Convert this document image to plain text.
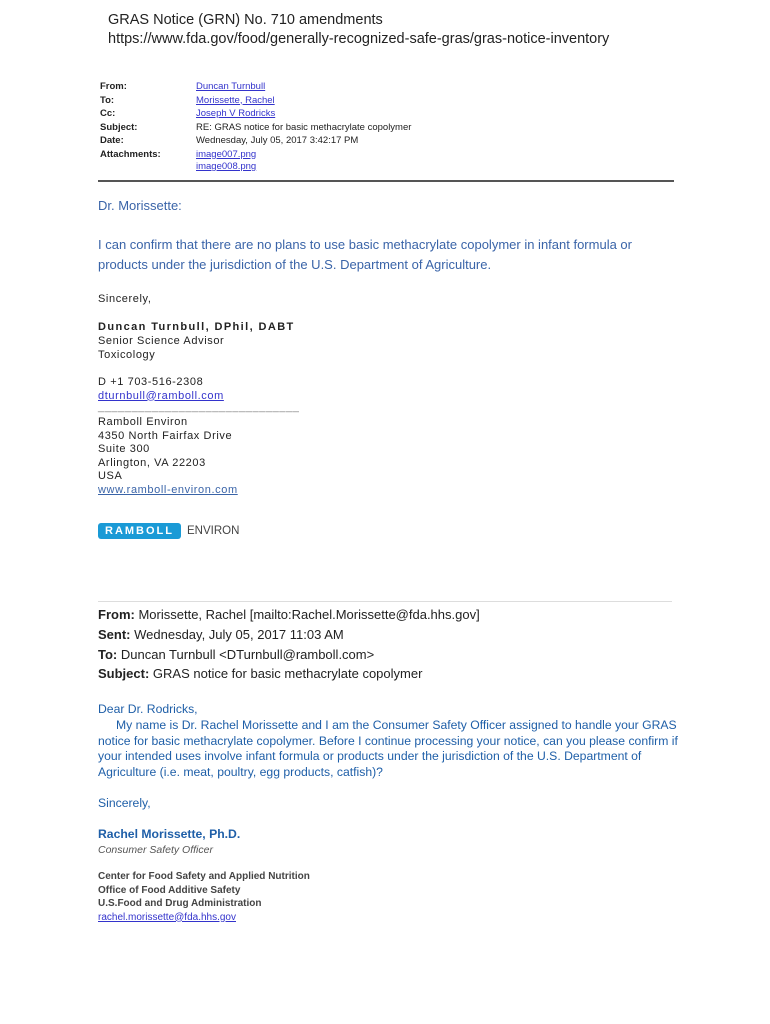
GRAS Notice (GRN) No. 710 amendments
https://www.fda.gov/food/generally-recognized-safe-gras/gras-notice-inventory
From:
To:
Cc:
Subject:
Date:
Attachments:
Duncan Turnbull
Morissette, Rachel
Joseph V Rodricks
RE: GRAS notice for basic methacrylate copolymer
Wednesday, July 05, 2017 3:42:17 PM
image007.png
image008.png
Dr. Morissette:
I can confirm that there are no plans to use basic methacrylate copolymer in infant formula or products under the jurisdiction of the U.S. Department of Agriculture.
Sincerely,
Duncan Turnbull, DPhil, DABT
Senior Science Advisor
Toxicology
D +1 703-516-2308
dturnbull@ramboll.com
______________________________
Ramboll Environ
4350 North Fairfax Drive
Suite 300
Arlington, VA 22203
USA
www.ramboll-environ.com
RAMBOLL	ENVIRON
From: Morissette, Rachel [mailto:Rachel.Morissette@fda.hhs.gov]
Sent: Wednesday, July 05, 2017 11:03 AM
To: Duncan Turnbull <DTurnbull@ramboll.com>
Subject: GRAS notice for basic methacrylate copolymer
Dear Dr. Rodricks,
My name is Dr. Rachel Morissette and I am the Consumer Safety Officer assigned to handle your GRAS notice for basic methacrylate copolymer. Before I continue processing your notice, can you please confirm if your intended uses involve infant formula or products under the jurisdiction of the U.S. Department of Agriculture (i.e. meat, poultry, egg products, catfish)?
Sincerely,
Rachel Morissette, Ph.D.
Consumer Safety Officer
Center for Food Safety and Applied Nutrition
Office of Food Additive Safety
U.S.Food and Drug Administration
rachel.morissette@fda.hhs.gov
